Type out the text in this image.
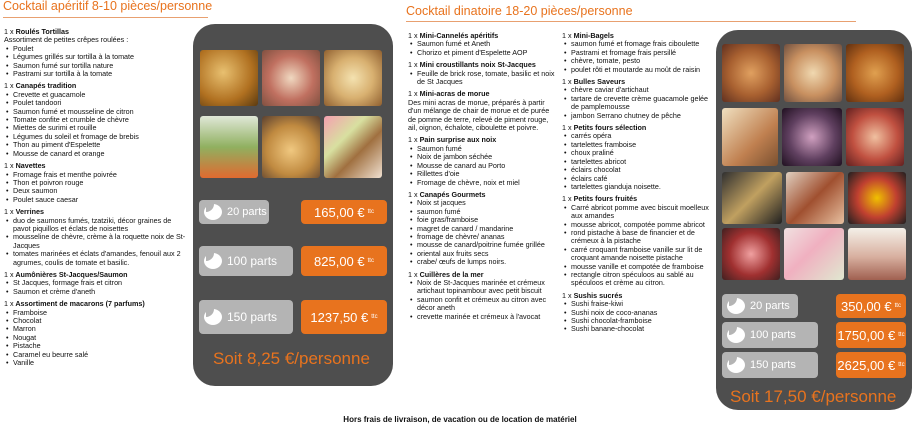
Cocktail apéritif 8-10 pièces/personne	Cocktail dinatoire 18-20 pièces/personne
1 x Roulés Tortillas
Assortiment de petites crêpes roulées :
• Poulet
• Légumes grillés sur tortilla à la tomate
• Saumon fumé sur tortilla nature
• Pastrami sur tortilla à la tomate
1 x Canapés tradition
• Crevette et guacamole
• Poulet tandoori
• Saumon fumé et mousseline de citron
• Tomate confite et crumble de chèvre
• Miettes de surimi et rouille
• Légumes du soleil et fromage de brebis
• Thon au piment d'Espelette
• Mousse de canard et orange
1 x Navettes
• Fromage frais et menthe poivrée
• Thon et poivron rouge
• Deux saumon
• Poulet sauce caesar
1 x Verrines
• duo de saumons fumés, tzatziki, décor graines de pavot piquillos et éclats de noisettes
• mousseline de chèvre, crème à la roquette noix de St-Jacques
• tomates marinées et éclats d'amandes, fenouil aux 2 agrumes, coulis de tomate et basilic.
1 x Aumônières St-Jacques/Saumon
• St Jacques, formage frais et citron
• Saumon et crème d'aneth
1 x Assortiment de macarons (7 parfums)
• Framboise
• Chocolat
• Marron
• Nougat
• Pistache
• Caramel eu beurre salé
• Vanille
20 parts	165,00 € ttc
100 parts	825,00 € ttc
150 parts	1237,50 € ttc
Soit 8,25 €/personne
1 x Mini-Cannelés apéritifs
• Saumon fumé et Aneth
• Chorizo et piment d'Espelette AOP
1 x Mini croustillants noix St-Jacques
• Feuille de brick rose, tomate, basilic et noix de St Jacques
1 x Mini-acras de morue
Des mini acras de morue, préparés à partir d'un mélange de chair de morue et de purée de pomme de terre, relevé de piment rouge, ail, oignon, échalote, ciboulette et poivre.
1 x Pain surprise aux noix
• Saumon fumé
• Noix de jambon séchée
• Mousse de canard au Porto
• Rillettes d'oie
• Fromage de chèvre, noix et miel
1 x Canapés Gourmets
• Noix st jacques
• saumon fumé
• foie gras/framboise
• magret de canard / mandarine
• fromage de chèvre/ ananas
• mousse de canard/poitrine fumée grillée
• oriental aux fruits secs
• crabe/ œufs de lumps noirs.
1 x Cuillères de la mer
• Noix de St-Jacques marinée et crémeux artichaut topinambour avec petit biscuit
• saumon confit et crémeux au citron avec décor aneth
• crevette marinée et crémeux à l'avocat
1 x Mini-Bagels
• saumon fumé et fromage frais ciboulette
• Pastrami et fromage frais persillé
• chèvre, tomate, pesto
• poulet rôti et moutarde au moût de raisin
1 x Bulles Saveurs
• chèvre caviar d'artichaut
• tartare de crevette crème guacamole gelée de pamplemousse
• jambon Serrano chutney de pêche
1 x Petits fours sélection
• carrés opéra
• tartelettes framboise
• choux praliné
• tartelettes abricot
• éclairs chocolat
• éclairs café
• tartelettes gianduja noisette.
1 x Petits fours fruités
• Carré abricot pomme avec biscuit moelleux aux amandes
• mousse abricot, compotée pomme abricot
• rond pistache à base de financier et de crémeux à la pistache
• carré croquant framboise vanille sur lit de croquant amande noisette pistache
• mousse vanille et compotée de framboise
• rectangle citron spéculoos au sablé au spéculoos et crème au citron.
1 x Sushis sucrés
• Sushi fraise-kiwi
• Sushi noix de coco-ananas
• Sushi chocolat-framboise
• Sushi banane-chocolat
20 parts	350,00 € ttc
100 parts	1750,00 € ttc
150 parts	2625,00 € ttc
Soit 17,50 €/personne
Hors frais de livraison, de vacation ou de location de matériel
